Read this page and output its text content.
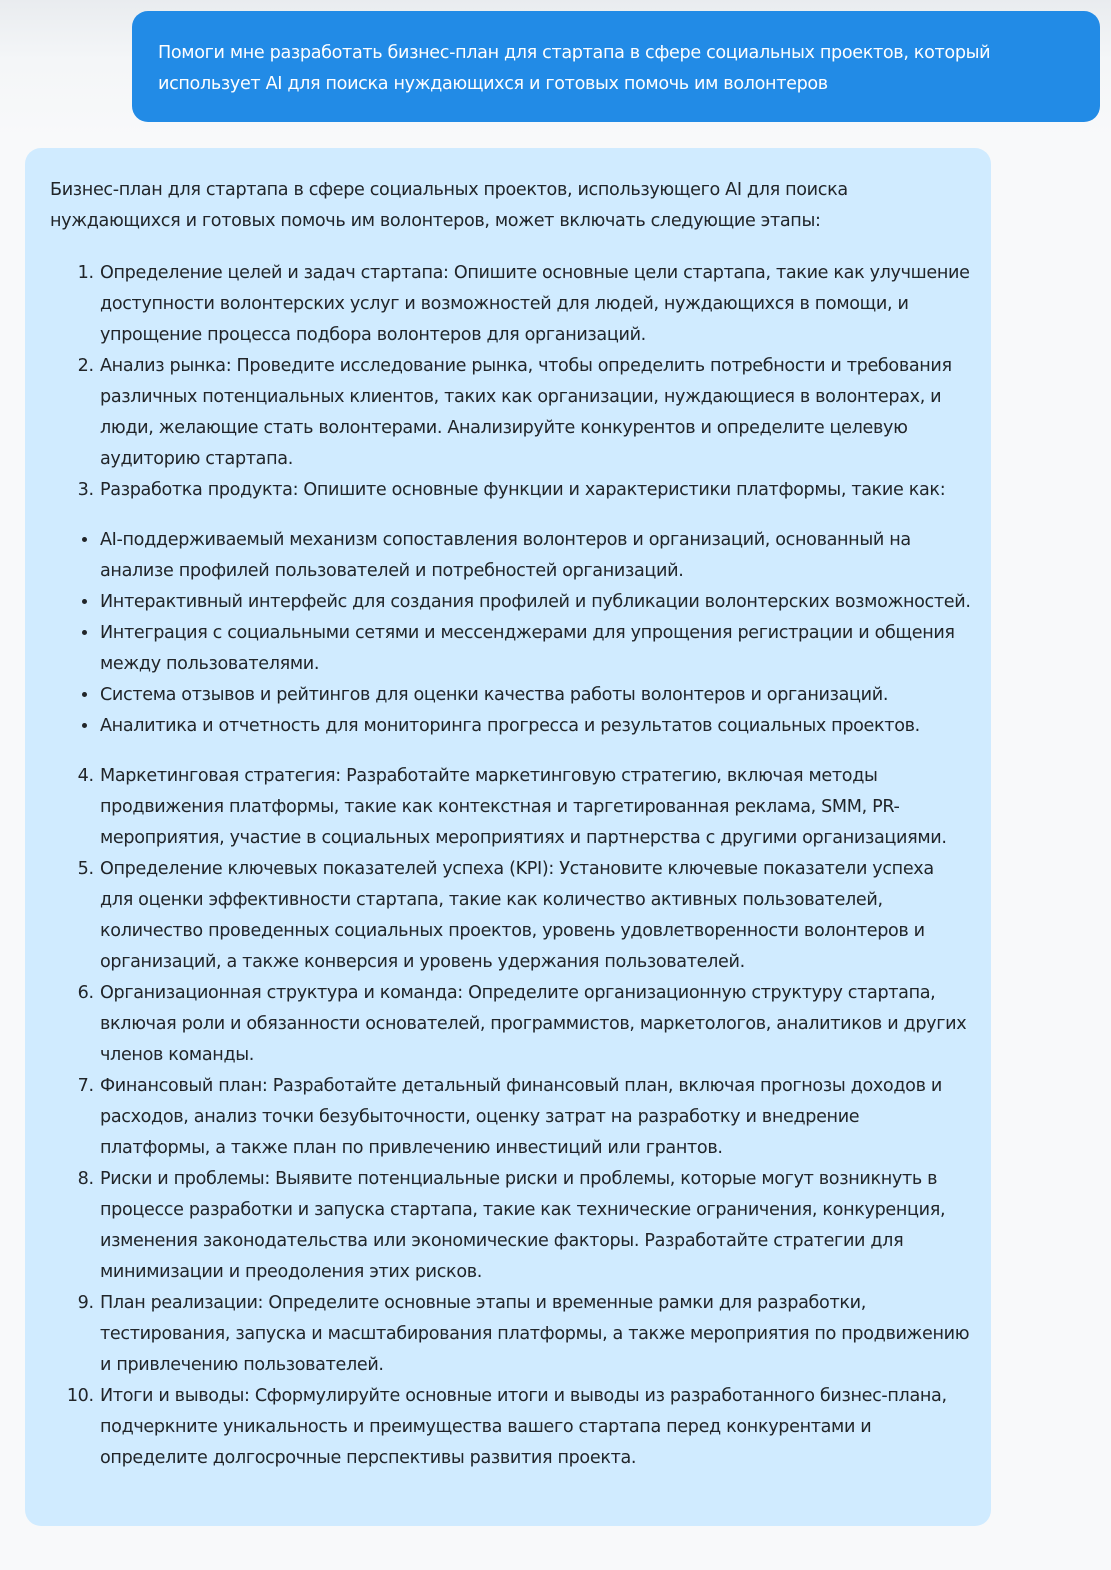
Помоги мне разработать бизнес-план для стартапа в сфере социальных проектов, который использует AI для поиска нуждающихся и готовых помочь им волонтеров

Бизнес-план для стартапа в сфере социальных проектов, использующего AI для поиска нуждающихся и готовых помочь им волонтеров, может включать следующие этапы:

1. Определение целей и задач стартапа: Опишите основные цели стартапа, такие как улучшение доступности волонтерских услуг и возможностей для людей, нуждающихся в помощи, и упрощение процесса подбора волонтеров для организаций.
2. Анализ рынка: Проведите исследование рынка, чтобы определить потребности и требования различных потенциальных клиентов, таких как организации, нуждающиеся в волонтерах, и люди, желающие стать волонтерами. Анализируйте конкурентов и определите целевую аудиторию стартапа.
3. Разработка продукта: Опишите основные функции и характеристики платформы, такие как:
• AI-поддерживаемый механизм сопоставления волонтеров и организаций, основанный на анализе профилей пользователей и потребностей организаций.
• Интерактивный интерфейс для создания профилей и публикации волонтерских возможностей.
• Интеграция с социальными сетями и мессенджерами для упрощения регистрации и общения между пользователями.
• Система отзывов и рейтингов для оценки качества работы волонтеров и организаций.
• Аналитика и отчетность для мониторинга прогресса и результатов социальных проектов.
4. Маркетинговая стратегия: Разработайте маркетинговую стратегию, включая методы продвижения платформы, такие как контекстная и таргетированная реклама, SMM, PR-мероприятия, участие в социальных мероприятиях и партнерства с другими организациями.
5. Определение ключевых показателей успеха (KPI): Установите ключевые показатели успеха для оценки эффективности стартапа, такие как количество активных пользователей, количество проведенных социальных проектов, уровень удовлетворенности волонтеров и организаций, а также конверсия и уровень удержания пользователей.
6. Организационная структура и команда: Определите организационную структуру стартапа, включая роли и обязанности основателей, программистов, маркетологов, аналитиков и других членов команды.
7. Финансовый план: Разработайте детальный финансовый план, включая прогнозы доходов и расходов, анализ точки безубыточности, оценку затрат на разработку и внедрение платформы, а также план по привлечению инвестиций или грантов.
8. Риски и проблемы: Выявите потенциальные риски и проблемы, которые могут возникнуть в процессе разработки и запуска стартапа, такие как технические ограничения, конкуренция, изменения законодательства или экономические факторы. Разработайте стратегии для минимизации и преодоления этих рисков.
9. План реализации: Определите основные этапы и временные рамки для разработки, тестирования, запуска и масштабирования платформы, а также мероприятия по продвижению и привлечению пользователей.
10. Итоги и выводы: Сформулируйте основные итоги и выводы из разработанного бизнес-плана, подчеркните уникальность и преимущества вашего стартапа перед конкурентами и определите долгосрочные перспективы развития проекта.
